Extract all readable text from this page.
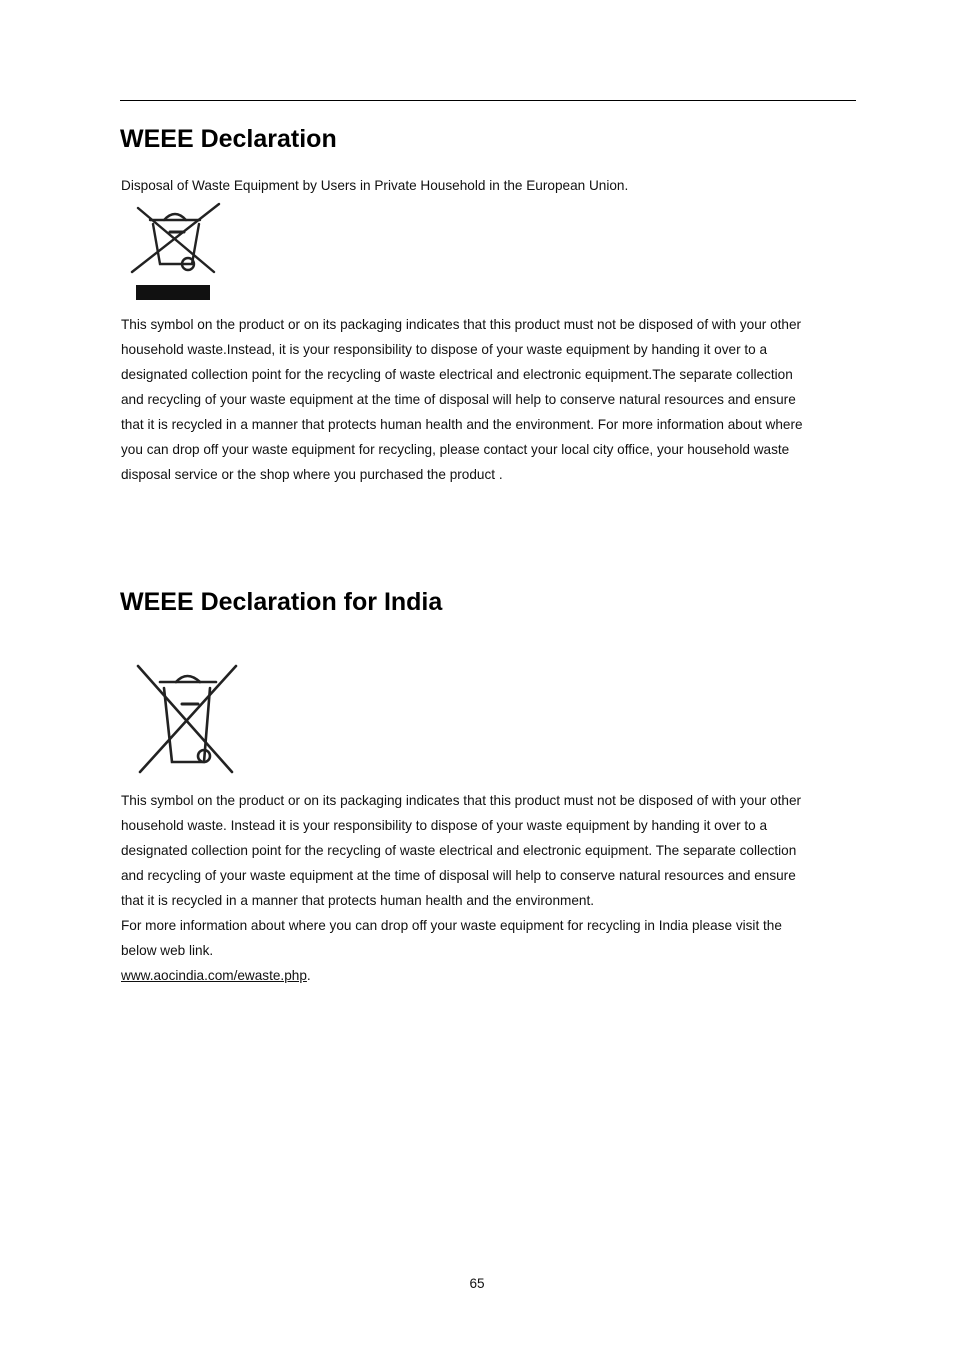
WEEE Declaration
Disposal of Waste Equipment by Users in Private Household in the European Union.

This symbol on the product or on its packaging indicates that this product must not be disposed of with your other

household waste.Instead, it is your responsibility to dispose of your waste equipment by handing it over to a

designated collection point for the recycling of waste electrical and electronic equipment.The separate collection

and recycling of your waste equipment at the time of disposal will help to conserve natural resources and ensure

that it is recycled in a manner that protects human health and the environment. For more information about where

you can drop off your waste equipment for recycling, please contact your local city office, your household waste

disposal service or the shop where you purchased the product .

WEEE Declaration for India

This symbol on the product or on its packaging indicates that this product must not be disposed of with your other

household waste. Instead it is your responsibility to dispose of your waste equipment by handing it over to a

designated collection point for the recycling of waste electrical and electronic equipment. The separate collection

and recycling of your waste equipment at the time of disposal will help to conserve natural resources and ensure

that it is recycled in a manner that protects human health and the environment.

For more information about where you can drop off your waste equipment for recycling in India please visit the

below web link.

www.aocindia.com/ewaste.php.

65
